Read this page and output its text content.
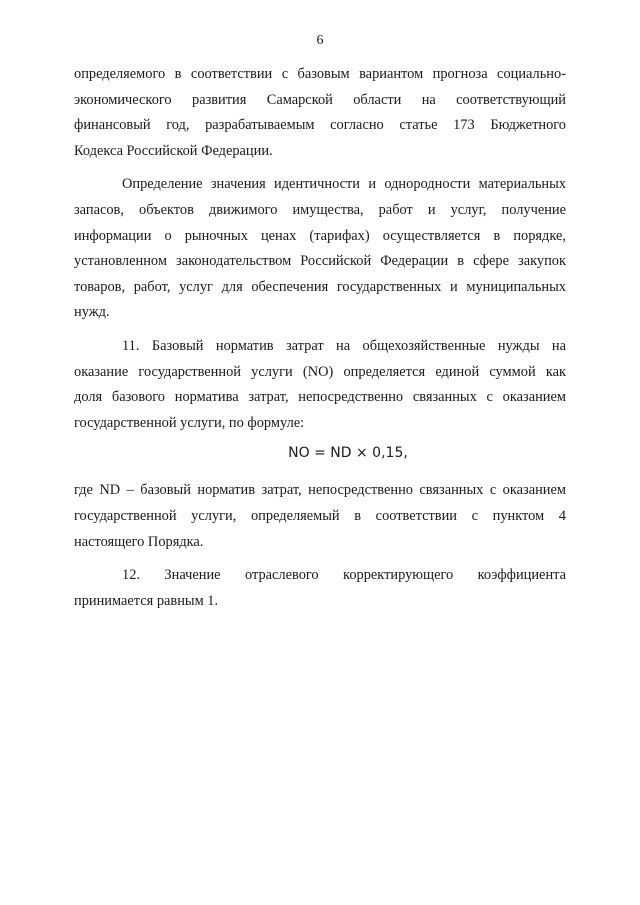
6

определяемого в соответствии с базовым вариантом прогноза социально-
экономического развития Самарской области на соответствующий
финансовый год, разрабатываемым согласно статье 173 Бюджетного
Кодекса Российской Федерации.

Определение значения идентичности и однородности материальных
запасов, объектов движимого имущества, работ и услуг, получение
информации о рыночных ценах (тарифах) осуществляется в порядке,
установленном законодательством Российской Федерации в сфере закупок
товаров, работ, услуг для обеспечения государственных и муниципальных
нужд.

11. Базовый норматив затрат на общехозяйственные нужды на
оказание государственной услуги (NO) определяется единой суммой как
доля базового норматива затрат, непосредственно связанных с оказанием
государственной услуги, по формуле:

NO = ND × 0,15,

где ND – базовый норматив затрат, непосредственно связанных с оказанием
государственной услуги, определяемый в соответствии с пунктом 4
настоящего Порядка.

12. Значение отраслевого корректирующего коэффициента
принимается равным 1.
